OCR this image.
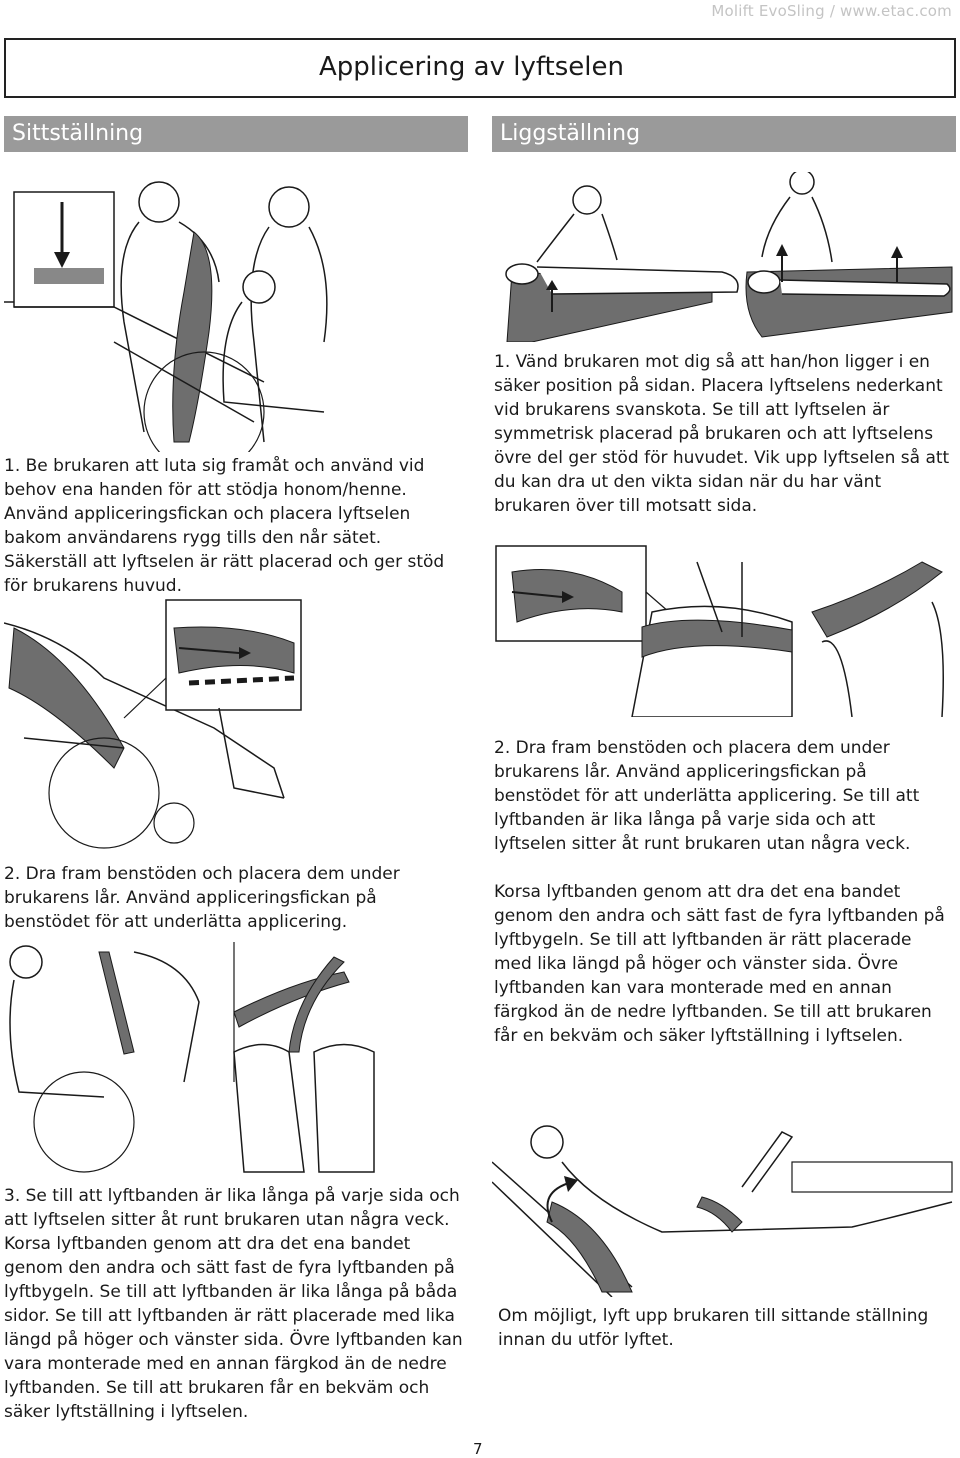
Molift EvoSling / www.etac.com
Applicering av lyftselen
Sittställning	Liggställning

1. Be brukaren att luta sig framåt och använd vid behov ena handen för att stödja honom/henne. Använd appliceringsfickan och placera lyftselen bakom användarens rygg tills den når sätet. Säkerställ att lyftselen är rätt placerad och ger stöd för brukarens huvud.

1. Vänd brukaren mot dig så att han/hon ligger i en säker position på sidan. Placera lyftselens nederkant vid brukarens svanskota. Se till att lyftselen är symmetrisk placerad på brukaren och att lyftselens övre del ger stöd för huvudet. Vik upp lyftselen så att du kan dra ut den vikta sidan när du har vänt brukaren över till motsatt sida.

2. Dra fram benstöden och placera dem under brukarens lår. Använd appliceringsfickan på benstödet för att underlätta applicering. Se till att lyftbanden är lika långa på varje sida och att lyftselen sitter åt runt brukaren utan några veck.

2. Dra fram benstöden och placera dem under brukarens lår. Använd appliceringsfickan på benstödet för att underlätta applicering.

Korsa lyftbanden genom att dra det ena bandet genom den andra och sätt fast de fyra lyftbanden på lyftbygeln. Se till att lyftbanden är rätt placerade med lika längd på höger och vänster sida. Övre lyftbanden kan vara monterade med en annan färgkod än de nedre lyftbanden. Se till att brukaren får en bekväm och säker lyftställning i lyftselen.

3. Se till att lyftbanden är lika långa på varje sida och att lyftselen sitter åt runt brukaren utan några veck. Korsa lyftbanden genom att dra det ena bandet genom den andra och sätt fast de fyra lyftbanden på lyftbygeln. Se till att lyftbanden är lika långa på båda sidor. Se till att lyftbanden är rätt placerade med lika längd på höger och vänster sida. Övre lyftbanden kan vara monterade med en annan färgkod än de nedre lyftbanden. Se till att brukaren får en bekväm och säker lyftställning i lyftselen.

Om möjligt, lyft upp brukaren till sittande ställning innan du utför lyftet.

7
